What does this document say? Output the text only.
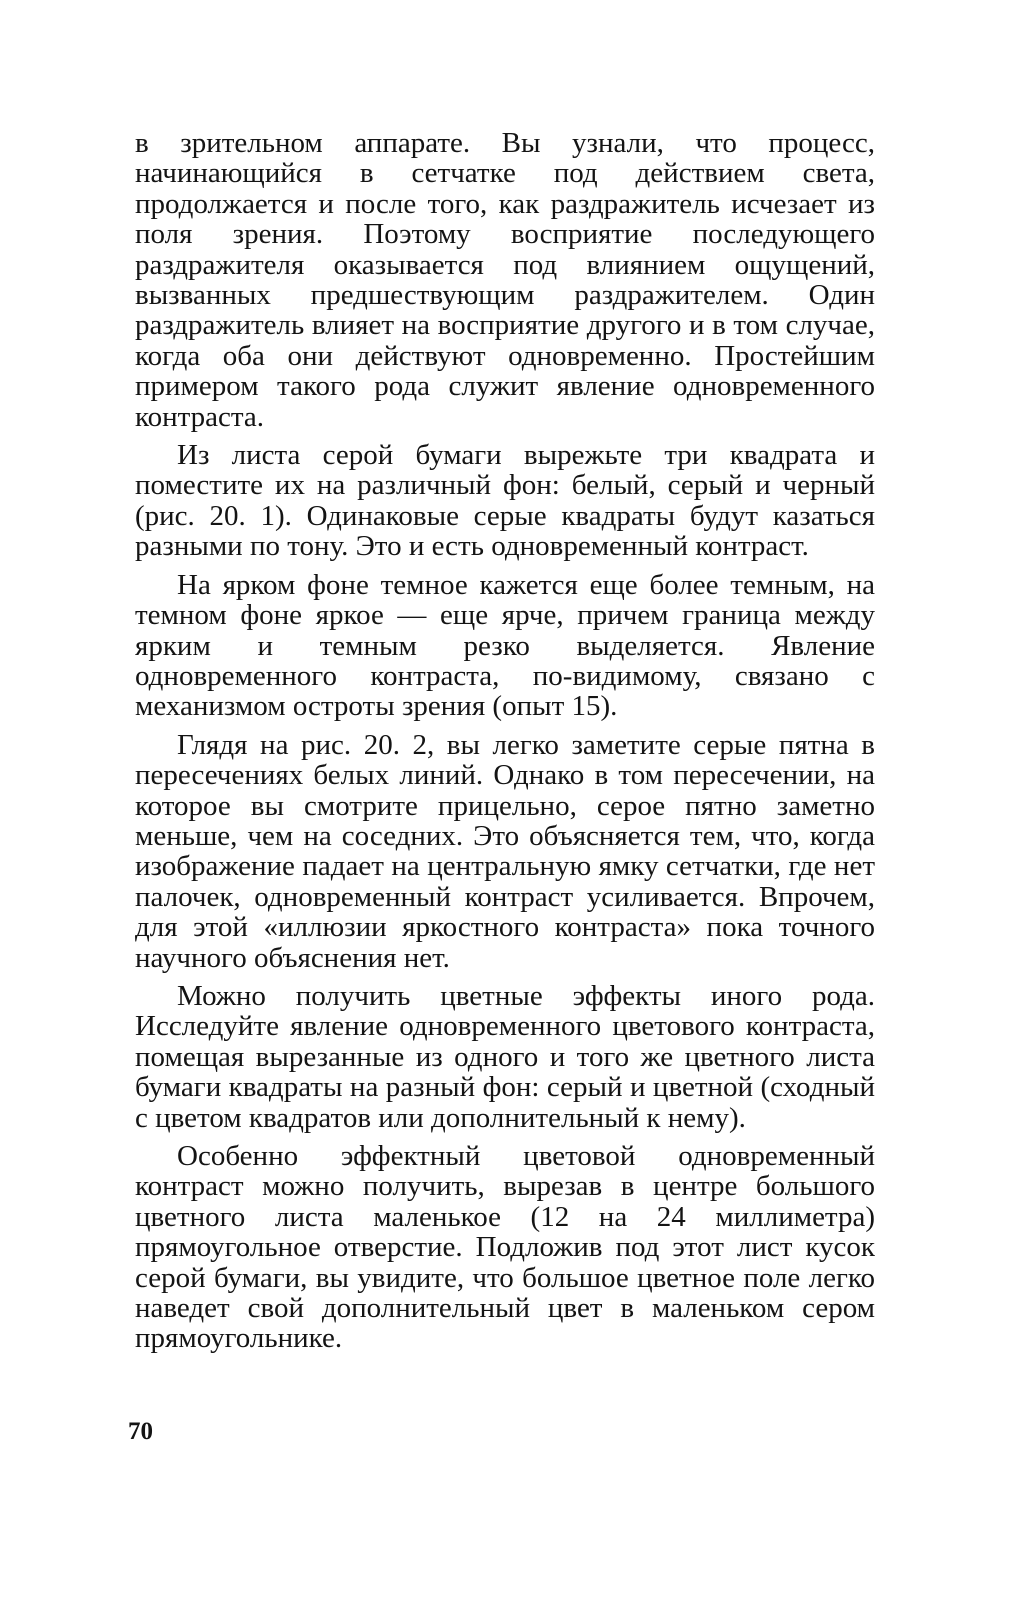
в зрительном аппарате. Вы узнали, что процесс, начинающийся в сетчатке под действием света, продолжается и после того, как раздражитель исчезает из поля зрения. Поэтому восприятие последующего раздражителя оказывается под влиянием ощущений, вызванных предшествующим раздражителем. Один раздражитель влияет на восприятие другого и в том случае, когда оба они действуют одновременно. Простейшим примером такого рода служит явление одновременного контраста.

Из листа серой бумаги вырежьте три квадрата и поместите их на различный фон: белый, серый и черный (рис. 20. 1). Одинаковые серые квадраты будут казаться разными по тону. Это и есть одновременный контраст.

На ярком фоне темное кажется еще более темным, на темном фоне яркое — еще ярче, причем граница между ярким и темным резко выделяется. Явление одновременного контраста, по-видимому, связано с механизмом остроты зрения (опыт 15).

Глядя на рис. 20. 2, вы легко заметите серые пятна в пересечениях белых линий. Однако в том пересечении, на которое вы смотрите прицельно, серое пятно заметно меньше, чем на соседних. Это объясняется тем, что, когда изображение падает на центральную ямку сетчатки, где нет палочек, одновременный контраст усиливается. Впрочем, для этой «иллюзии яркостного контраста» пока точного научного объяснения нет.

Можно получить цветные эффекты иного рода. Исследуйте явление одновременного цветового контраста, помещая вырезанные из одного и того же цветного листа бумаги квадраты на разный фон: серый и цветной (сходный с цветом квадратов или дополнительный к нему).

Особенно эффектный цветовой одновременный контраст можно получить, вырезав в центре большого цветного листа маленькое (12 на 24 миллиметра) прямоугольное отверстие. Подложив под этот лист кусок серой бумаги, вы увидите, что большое цветное поле легко наведет свой дополнительный цвет в маленьком сером прямоугольнике.

70
